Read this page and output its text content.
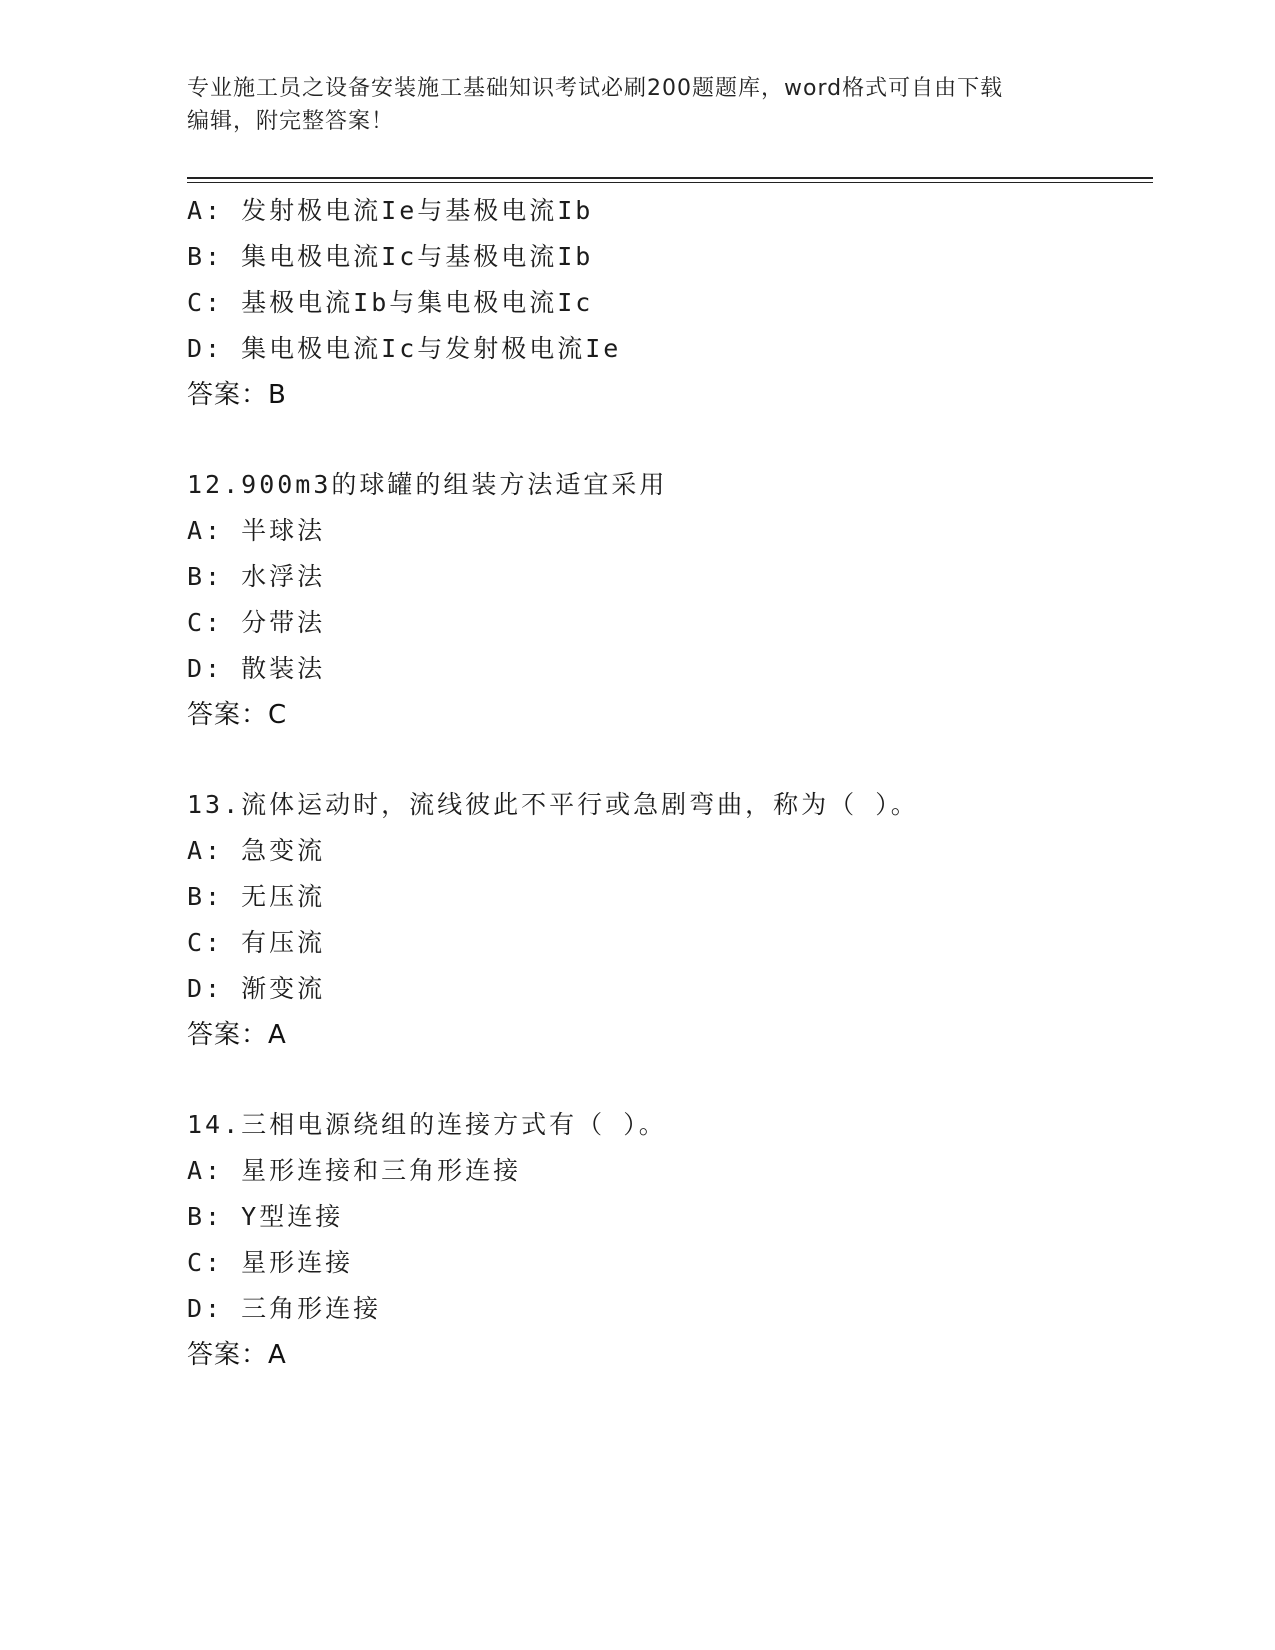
专业施工员之设备安装施工基础知识考试必刷200题题库，word格式可自由下载
编辑，附完整答案！
A: 发射极电流Ie与基极电流Ib
B: 集电极电流Ic与基极电流Ib
C: 基极电流Ib与集电极电流Ic
D: 集电极电流Ic与发射极电流Ie
答案：B
12.900m3的球罐的组装方法适宜采用
A: 半球法
B: 水浮法
C: 分带法
D: 散装法
答案：C
13.流体运动时，流线彼此不平行或急剧弯曲，称为（ ）。
A: 急变流
B: 无压流
C: 有压流
D: 渐变流
答案：A
14.三相电源绕组的连接方式有（ ）。
A: 星形连接和三角形连接
B: Y型连接
C: 星形连接
D: 三角形连接
答案：A
